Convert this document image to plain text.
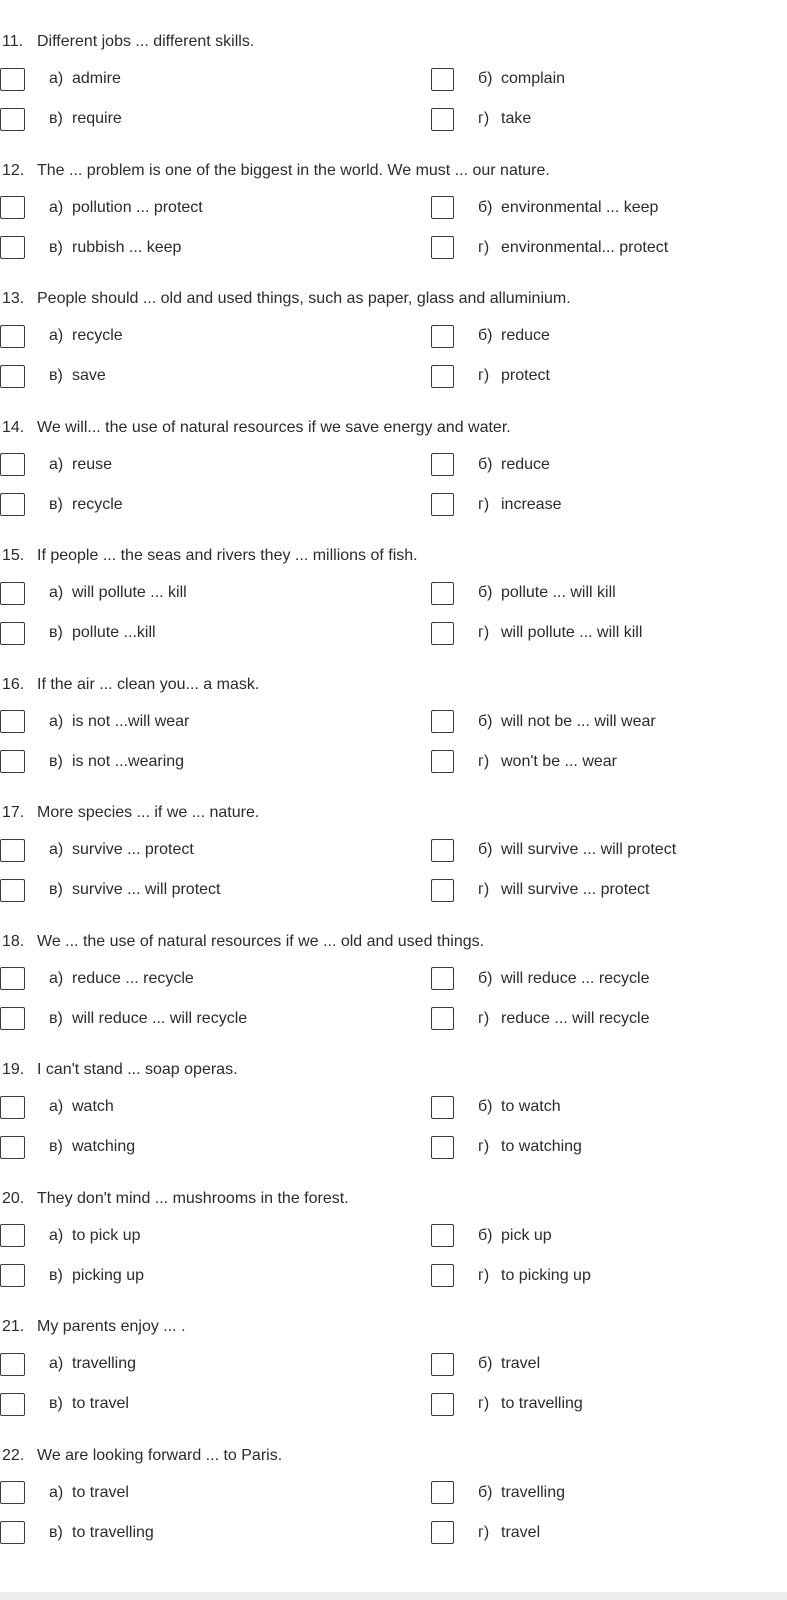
11. Different jobs ... different skills.
а) admire	б) complain
в) require	г) take
12. The ... problem is one of the biggest in the world. We must ... our nature.
а) pollution ... protect	б) environmental ... keep
в) rubbish ... keep	г) environmental... protect
13. People should ... old and used things, such as paper, glass and alluminium.
а) recycle	б) reduce
в) save	г) protect
14. We will... the use of natural resources if we save energy and water.
а) reuse	б) reduce
в) recycle	г) increase
15. If people ... the seas and rivers they ... millions of fish.
а) will pollute ... kill	б) pollute ... will kill
в) pollute ...kill	г) will pollute ... will kill
16. If the air ... clean you... a mask.
а) is not ...will wear	б) will not be ... will wear
в) is not ...wearing	г) won't be ... wear
17. More species ... if we ... nature.
а) survive ... protect	б) will survive ... will protect
в) survive ... will protect	г) will survive ... protect
18. We ... the use of natural resources if we ... old and used things.
а) reduce ... recycle	б) will reduce ... recycle
в) will reduce ... will recycle	г) reduce ... will recycle
19. I can't stand ... soap operas.
а) watch	б) to watch
в) watching	г) to watching
20. They don't mind ... mushrooms in the forest.
а) to pick up	б) pick up
в) picking up	г) to picking up
21. My parents enjoy ... .
а) travelling	б) travel
в) to travel	г) to travelling
22. We are looking forward ... to Paris.
а) to travel	б) travelling
в) to travelling	г) travel
